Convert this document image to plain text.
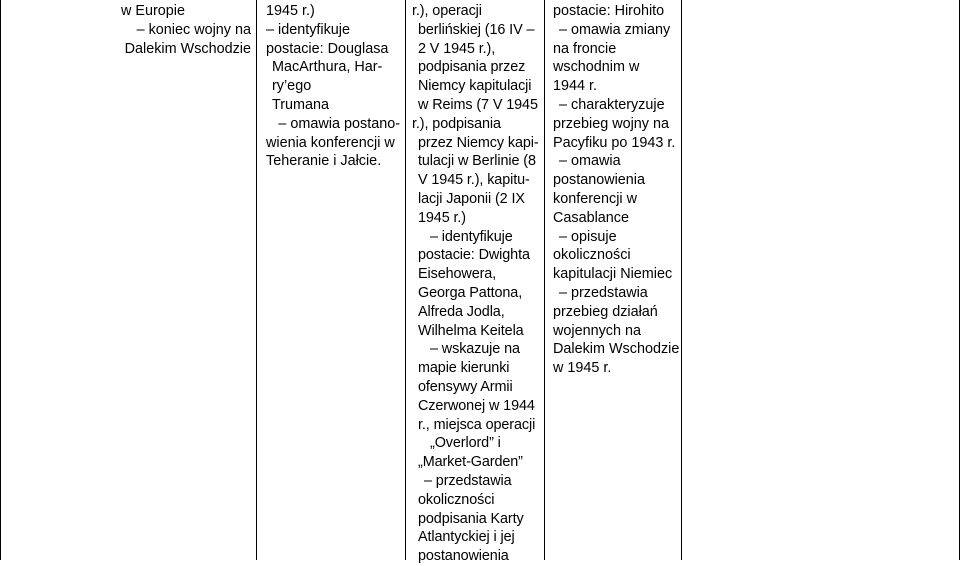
w Europie
– koniec wojny na
Dalekim Wschodzie
1945 r.)
– identyfikuje
postacie: Douglasa
MacArthura, Har-
ry’ego
Trumana
– omawia postano-
wienia konferencji w
Teheranie i Jałcie.
r.), operacji
berlińskiej (16 IV –
2 V 1945 r.),
podpisania przez
Niemcy kapitulacji
w Reims (7 V 1945
r.), podpisania
przez Niemcy kapi-
tulacji w Berlinie (8
V 1945 r.), kapitu-
lacji Japonii (2 IX
1945 r.)
– identyfikuje
postacie: Dwighta
Eisehowera,
Georga Pattona,
Alfreda Jodla,
Wilhelma Keitela
– wskazuje na
mapie kierunki
ofensywy Armii
Czerwonej w 1944
r., miejsca operacji
„Overlord” i
„Market-Garden”
– przedstawia
okoliczności
podpisania Karty
Atlantyckiej i jej
postanowienia
postacie: Hirohito
– omawia zmiany
na froncie
wschodnim w
1944 r.
– charakteryzuje
przebieg wojny na
Pacyfiku po 1943 r.
– omawia
postanowienia
konferencji w
Casablance
– opisuje
okoliczności
kapitulacji Niemiec
– przedstawia
przebieg działań
wojennych na
Dalekim Wschodzie
w 1945 r.
